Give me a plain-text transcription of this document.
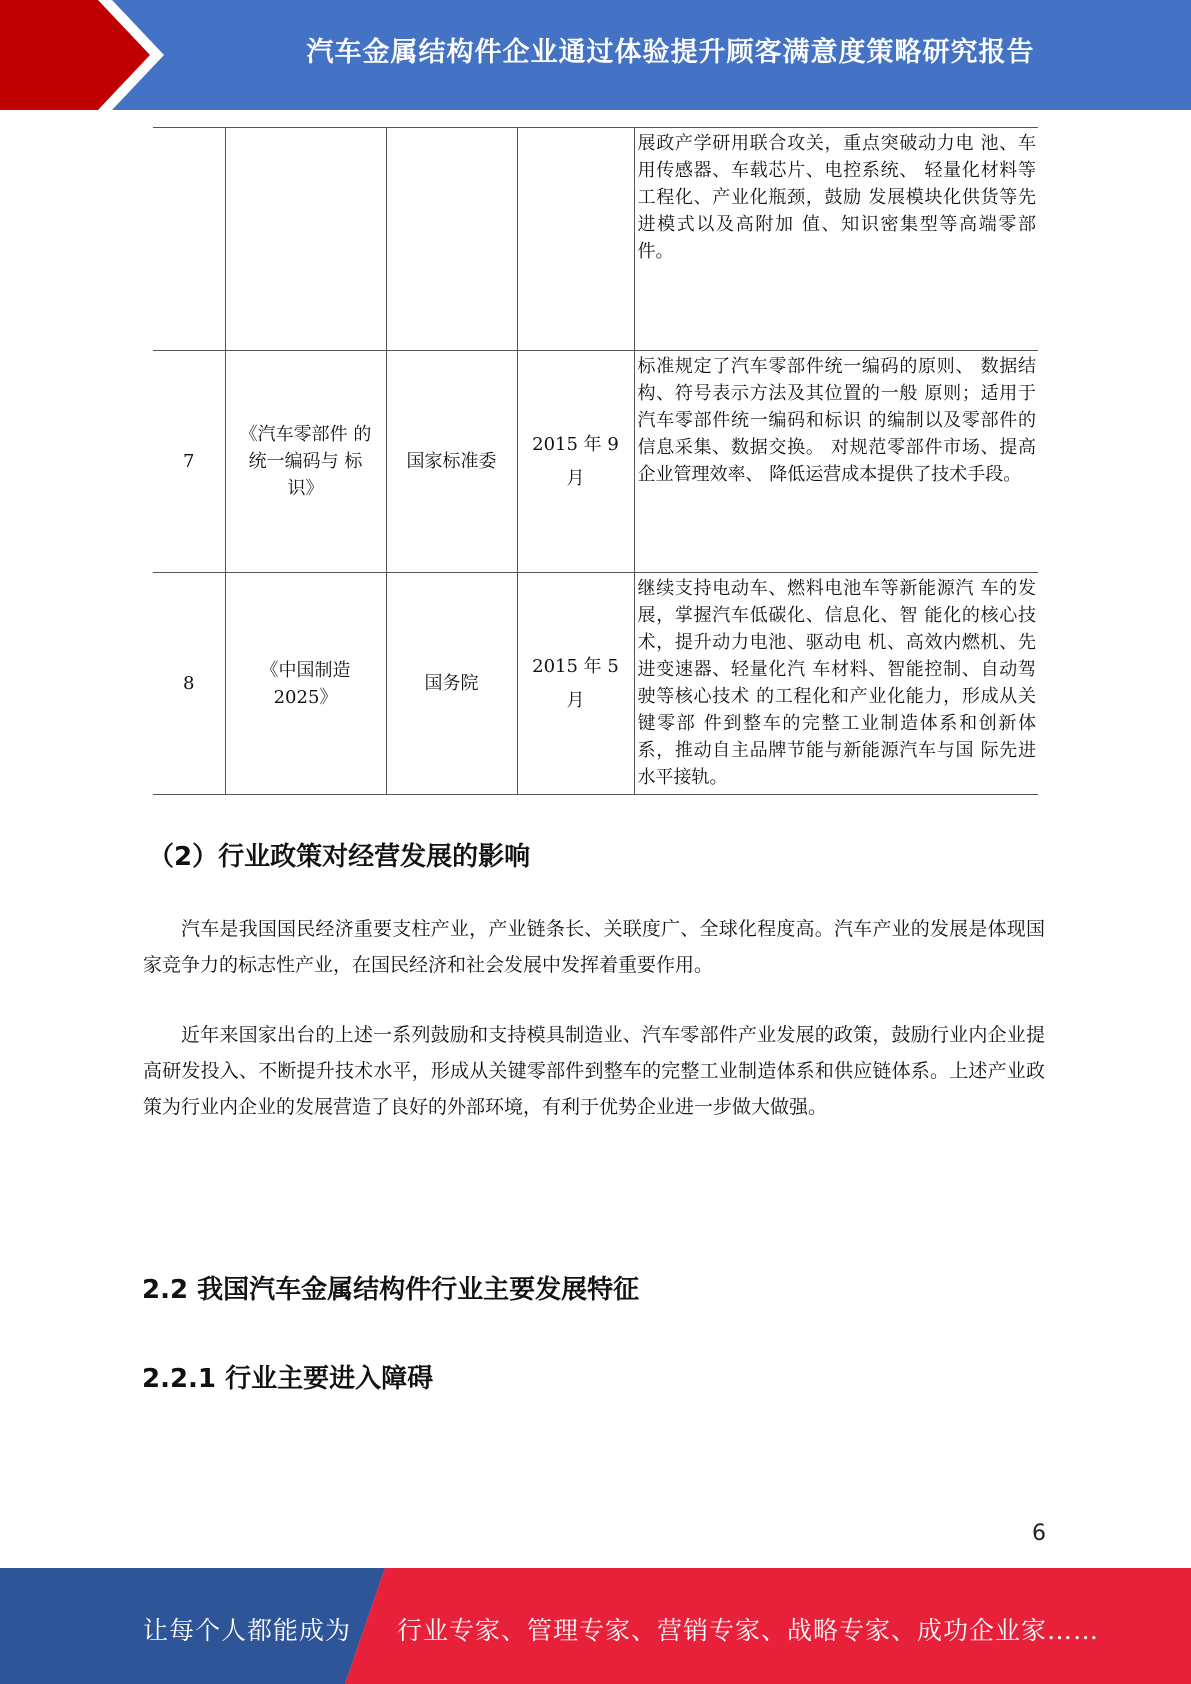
汽车金属结构件企业通过体验提升顾客满意度策略研究报告
				展政产学研用联合攻关，重点突破动力电 池、车用传感器、车载芯片、电控系统、 轻量化材料等工程化、产业化瓶颈，鼓励 发展模块化供货等先进模式以及高附加 值、知识密集型等高端零部件。
7	《汽车零部件 的统一编码与 标识》	国家标准委	2015 年 9 月	标准规定了汽车零部件统一编码的原则、 数据结构、符号表示方法及其位置的一般 原则；适用于汽车零部件统一编码和标识 的编制以及零部件的信息采集、数据交换。 对规范零部件市场、提高企业管理效率、 降低运营成本提供了技术手段。
8	《中国制造 2025》	国务院	2015 年 5 月	继续支持电动车、燃料电池车等新能源汽 车的发展，掌握汽车低碳化、信息化、智 能化的核心技术，提升动力电池、驱动电 机、高效内燃机、先进变速器、轻量化汽 车材料、智能控制、自动驾驶等核心技术 的工程化和产业化能力，形成从关键零部 件到整车的完整工业制造体系和创新体 系，推动自主品牌节能与新能源汽车与国 际先进水平接轨。
（2）行业政策对经营发展的影响

汽车是我国国民经济重要支柱产业，产业链条长、关联度广、全球化程度高。汽车产业的发展是体现国家竞争力的标志性产业，在国民经济和社会发展中发挥着重要作用。

近年来国家出台的上述一系列鼓励和支持模具制造业、汽车零部件产业发展的政策，鼓励行业内企业提高研发投入、不断提升技术水平，形成从关键零部件到整车的完整工业制造体系和供应链体系。上述产业政策为行业内企业的发展营造了良好的外部环境，有利于优势企业进一步做大做强。

2.2 我国汽车金属结构件行业主要发展特征
2.2.1 行业主要进入障碍
6
让每个人都能成为 行业专家、管理专家、营销专家、战略专家、成功企业家……
